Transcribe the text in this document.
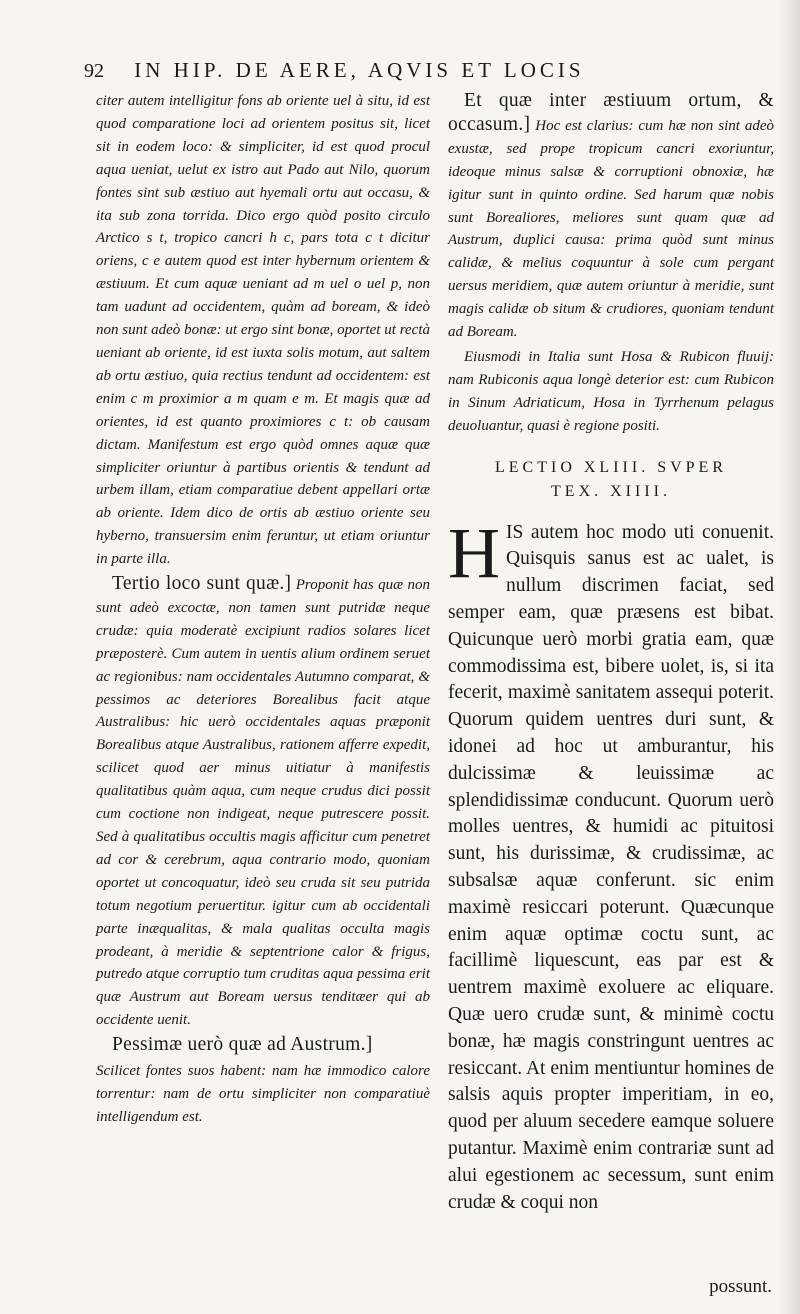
92 IN HIP. DE AERE, AQVIS ET LOCIS

citer autem intelligitur fons ab oriente uel à situ, id est quod comparatione loci ad orientem positus sit, licet sit in eodem loco: & simpliciter, id est quod procul aqua ueniat, uelut ex istro aut Pado aut Nilo, quorum fontes sint sub æstiuo aut hyemali ortu aut occasu, & ita sub zona torrida. Dico ergo quòd posito circulo Arctico s t, tropico cancri h c, pars tota c t dicitur oriens, c e autem quod est inter hybernum orientem & æstiuum. Et cum aquæ ueniant ad m uel o uel p, non tam uadunt ad occidentem, quàm ad boream, & ideò non sunt adeò bonæ: ut ergo sint bonæ, oportet ut rectà ueniant ab oriente, id est iuxta solis motum, aut saltem ab ortu æstiuo, quia rectius tendunt ad occidentem: est enim c m proximior a m quam e m. Et magis quæ ad orientes, id est quanto proximiores c t: ob causam dictam. Manifestum est ergo quòd omnes aquæ quæ simpliciter oriuntur à partibus orientis & tendunt ad urbem illam, etiam comparatiue debent appellari ortæ ab oriente. Idem dico de ortis ab æstiuo oriente seu hyberno, transuersim enim feruntur, ut etiam oriuntur in parte illa.

Tertio loco sunt quæ.] Proponit has quæ non sunt adeò excoctæ, non tamen sunt putridæ neque crudæ: quia moderatè excipiunt radios solares licet præposterè. Cum autem in uentis alium ordinem seruet ac regionibus: nam occidentales Autumno comparat, & pessimos ac deteriores Borealibus facit atque Australibus: hic uerò occidentales aquas præponit Borealibus atque Australibus, rationem afferre expedit, scilicet quod aer minus uitiatur à manifestis qualitatibus quàm aqua, cum neque crudus dici possit cum coctione non indigeat, neque putrescere possit. Sed à qualitatibus occultis magis afficitur cum penetret ad cor & cerebrum, aqua contrario modo, quoniam oportet ut concoquatur, ideò seu cruda sit seu putrida totum negotium peruertitur. igitur cum ab occidentali parte inæqualitas, & mala qualitas occulta magis prodeant, à meridie & septentrione calor & frigus, putredo atque corruptio tum cruditas aqua pessima erit quæ Austrum aut Boream uersus tenditæer qui ab occidente uenit.

Pessimæ uerò quæ ad Austrum.]

Scilicet fontes suos habent: nam hæ immodico calore torrentur: nam de ortu simpliciter non comparatiuè intelligendum est.

Et quæ inter æstiuum ortum, & occasum.] Hoc est clarius: cum hæ non sint adeò exustæ, sed prope tropicum cancri exoriuntur, ideoque minus salsæ & corruptioni obnoxiæ, hæ igitur sunt in quinto ordine. Sed harum quæ nobis sunt Borealiores, meliores sunt quam quæ ad Austrum, duplici causa: prima quòd sunt minus calidæ, & melius coquuntur à sole cum pergant uersus meridiem, quæ autem oriuntur à meridie, sunt magis calidæ ob situm & crudiores, quoniam tendunt ad Boream.

Eiusmodi in Italia sunt Hosa & Rubicon fluuij: nam Rubiconis aqua longè deterior est: cum Rubicon in Sinum Adriaticum, Hosa in Tyrrhenum pelagus deuoluantur, quasi è regione positi.

LECTIO XLIII. SVPER
TEX. XIIII.

HIS autem hoc modo uti conuenit. Quisquis sanus est ac ualet, is nullum discrimen faciat, sed semper eam, quæ præsens est bibat. Quicunque uerò morbi gratia eam, quæ commodissima est, bibere uolet, is, si ita fecerit, maximè sanitatem assequi poterit. Quorum quidem uentres duri sunt, & idonei ad hoc ut amburantur, his dulcissimæ & leuissimæ ac splendidissimæ conducunt. Quorum uerò molles uentres, & humidi ac pituitosi sunt, his durissimæ, & crudissimæ, ac subsalsæ aquæ conferunt. sic enim maximè resiccari poterunt. Quæcunque enim aquæ optimæ coctu sunt, ac facillimè liquescunt, eas par est & uentrem maximè exoluere ac eliquare. Quæ uero crudæ sunt, & minimè coctu bonæ, hæ magis constringunt uentres ac resiccant. At enim mentiuntur homines de salsis aquis propter imperitiam, in eo, quod per aluum secedere eamque soluere putantur. Maximè enim contrariæ sunt ad alui egestionem ac secessum, sunt enim crudæ & coqui non

possunt.
